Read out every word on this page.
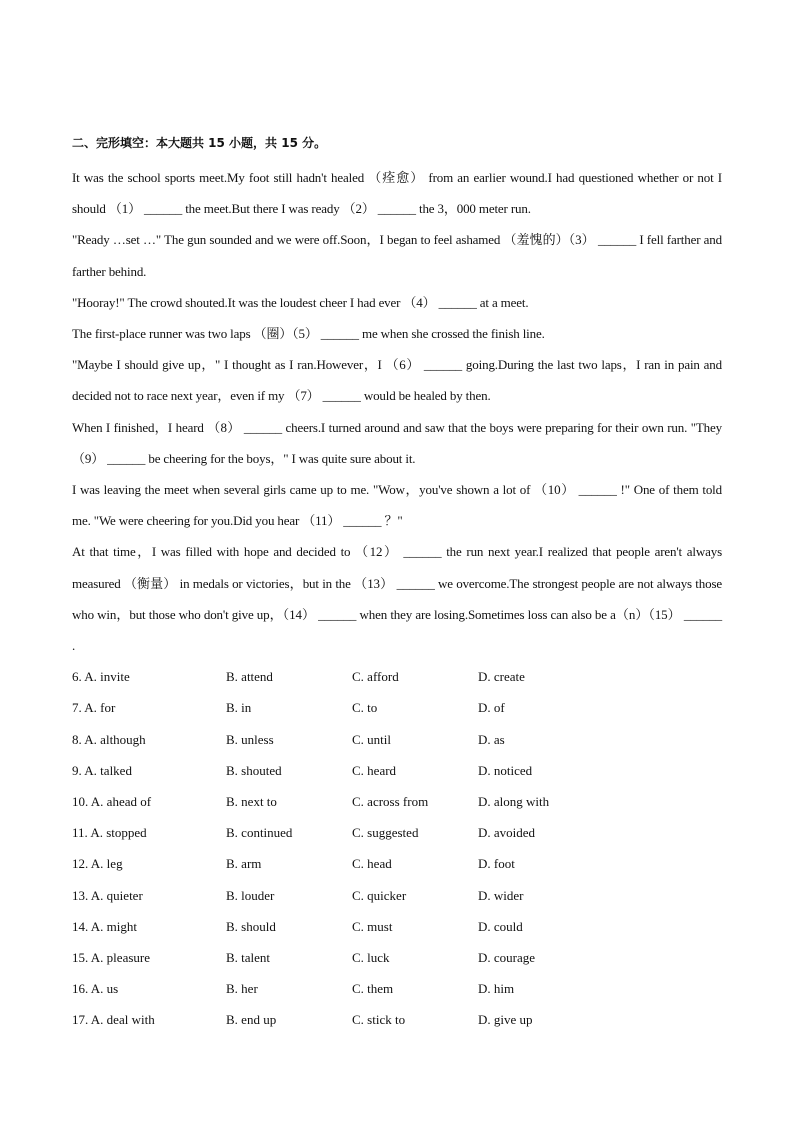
二、完形填空：本大题共 15 小题，共 15 分。

It was the school sports meet.My foot still hadn't healed （痊愈） from an earlier wound.I had questioned whether or not I should （1） ______ the meet.But there I was ready （2） ______ the 3，000 meter run.

"Ready …set …" The gun sounded and we were off.Soon，I began to feel ashamed （羞愧的）（3） ______ I fell farther and farther behind.

"Hooray!" The crowd shouted.It was the loudest cheer I had ever （4） ______ at a meet.

The first-place runner was two laps （圈）（5） ______ me when she crossed the finish line.

"Maybe I should give up，" I thought as I ran.However，I （6） ______ going.During the last two laps，I ran in pain and decided not to race next year，even if my （7） ______ would be healed by then.

When I finished，I heard （8） ______ cheers.I turned around and saw that the boys were preparing for their own run. "They （9） ______ be cheering for the boys，" I was quite sure about it.

I was leaving the meet when several girls came up to me. "Wow，you've shown a lot of （10） ______ !" One of them told me. "We were cheering for you.Did you hear （11） ______ ？"

At that time，I was filled with hope and decided to （12） ______ the run next year.I realized that people aren't always measured （衡量） in medals or victories，but in the （13） ______ we overcome.The strongest people are not always those who win，but those who don't give up，（14） ______ when they are losing.Sometimes loss can also be a（n）（15） ______ .

6. A. invite	B. attend	C. afford	D. create
7. A. for	B. in	C. to	D. of
8. A. although	B. unless	C. until	D. as
9. A. talked	B. shouted	C. heard	D. noticed
10. A. ahead of	B. next to	C. across from	D. along with
11. A. stopped	B. continued	C. suggested	D. avoided
12. A. leg	B. arm	C. head	D. foot
13. A. quieter	B. louder	C. quicker	D. wider
14. A. might	B. should	C. must	D. could
15. A. pleasure	B. talent	C. luck	D. courage
16. A. us	B. her	C. them	D. him
17. A. deal with	B. end up	C. stick to	D. give up
